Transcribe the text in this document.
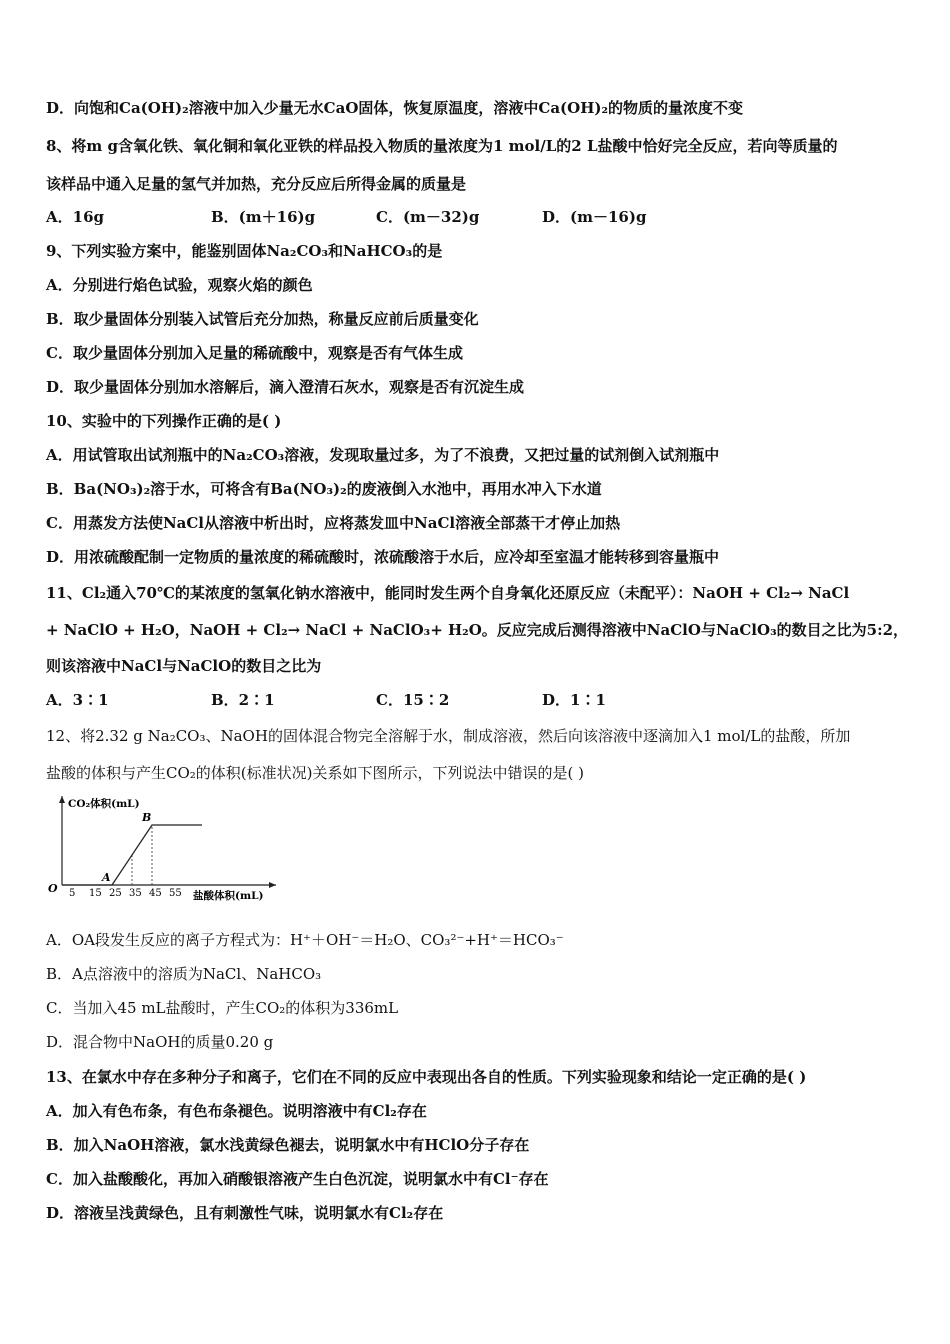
D．向饱和Ca(OH)₂溶液中加入少量无水CaO固体，恢复原温度，溶液中Ca(OH)₂的物质的量浓度不变
8、将m g含氧化铁、氧化铜和氧化亚铁的样品投入物质的量浓度为1 mol/L的2 L盐酸中恰好完全反应，若向等质量的
该样品中通入足量的氢气并加热，充分反应后所得金属的质量是
A．16g	B．(m＋16)g	C．(m－32)g	D．(m－16)g
9、下列实验方案中，能鉴别固体Na₂CO₃和NaHCO₃的是
A．分别进行焰色试验，观察火焰的颜色
B．取少量固体分别装入试管后充分加热，称量反应前后质量变化
C．取少量固体分别加入足量的稀硫酸中，观察是否有气体生成
D．取少量固体分别加水溶解后，滴入澄清石灰水，观察是否有沉淀生成
10、实验中的下列操作正确的是( )
A．用试管取出试剂瓶中的Na₂CO₃溶液，发现取量过多，为了不浪费，又把过量的试剂倒入试剂瓶中
B．Ba(NO₃)₂溶于水，可将含有Ba(NO₃)₂的废液倒入水池中，再用水冲入下水道
C．用蒸发方法使NaCl从溶液中析出时，应将蒸发皿中NaCl溶液全部蒸干才停止加热
D．用浓硫酸配制一定物质的量浓度的稀硫酸时，浓硫酸溶于水后，应冷却至室温才能转移到容量瓶中
11、Cl₂通入70℃的某浓度的氢氧化钠水溶液中，能同时发生两个自身氧化还原反应（未配平）：NaOH + Cl₂→ NaCl
+ NaClO + H₂O，NaOH + Cl₂→ NaCl + NaClO₃+ H₂O。反应完成后测得溶液中NaClO与NaClO₃的数目之比为5:2，
则该溶液中NaCl与NaClO的数目之比为
A．3∶1	B．2∶1	C．15∶2	D．1∶1
12、将2.32 g Na₂CO₃、NaOH的固体混合物完全溶解于水，制成溶液，然后向该溶液中逐滴加入1 mol/L的盐酸，所加
盐酸的体积与产生CO₂的体积(标准状况)关系如下图所示，下列说法中错误的是( )
CO₂体积(mL)
盐酸体积(mL)
O 5 15 25 35 45 55
A
B
A．OA段发生反应的离子方程式为：H⁺＋OH⁻＝H₂O、CO₃²⁻+H⁺＝HCO₃⁻
B．A点溶液中的溶质为NaCl、NaHCO₃
C．当加入45 mL盐酸时，产生CO₂的体积为336mL
D．混合物中NaOH的质量0.20 g
13、在氯水中存在多种分子和离子，它们在不同的反应中表现出各自的性质。下列实验现象和结论一定正确的是( )
A．加入有色布条，有色布条褪色。说明溶液中有Cl₂存在
B．加入NaOH溶液，氯水浅黄绿色褪去，说明氯水中有HClO分子存在
C．加入盐酸酸化，再加入硝酸银溶液产生白色沉淀，说明氯水中有Cl⁻存在
D．溶液呈浅黄绿色，且有刺激性气味，说明氯水有Cl₂存在
